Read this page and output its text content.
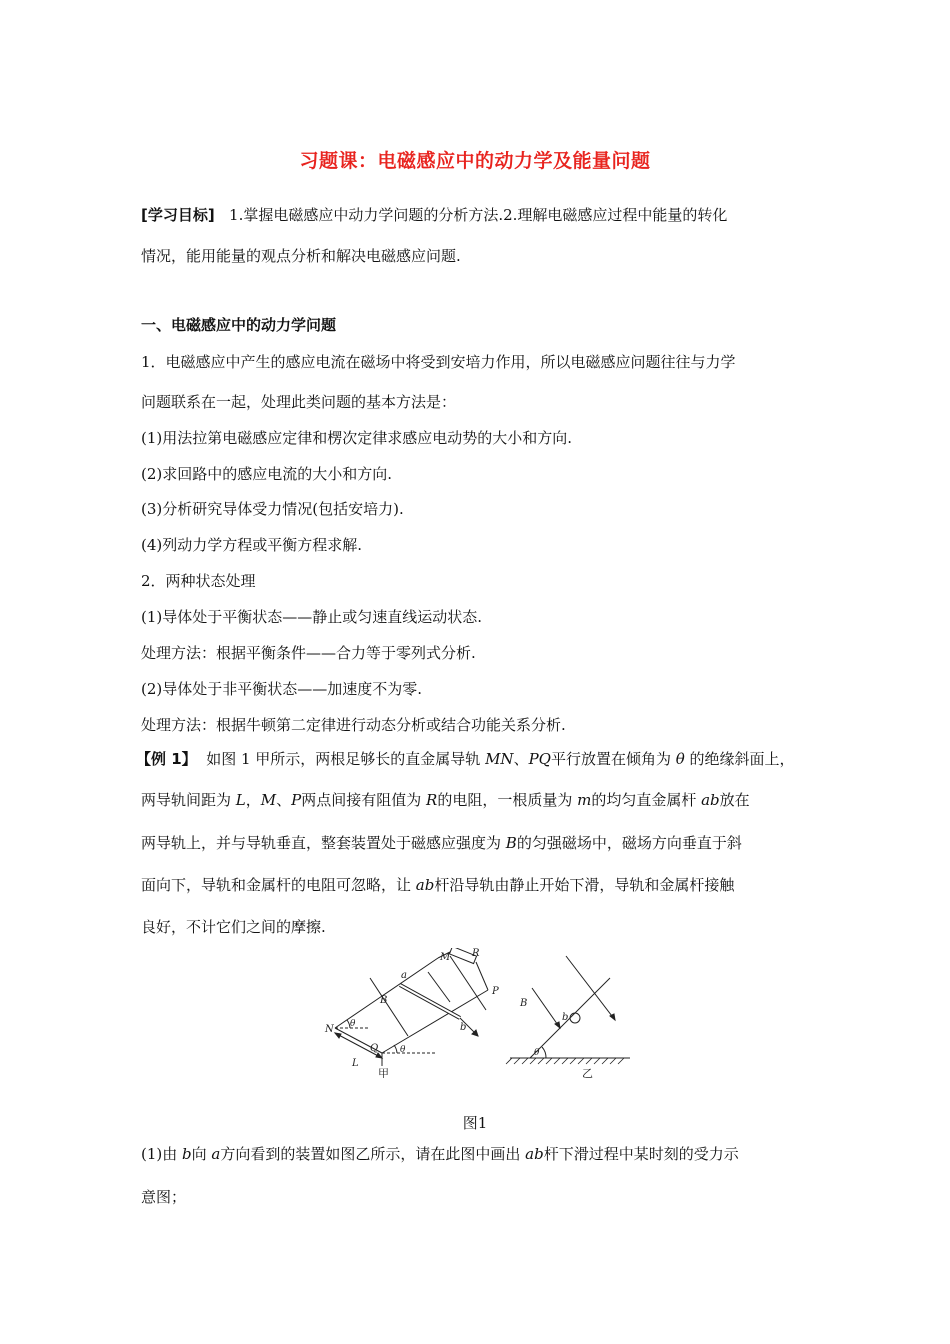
习题课：电磁感应中的动力学及能量问题
[学习目标] 1.掌握电磁感应中动力学问题的分析方法.2.理解电磁感应过程中能量的转化
情况，能用能量的观点分析和解决电磁感应问题.
一、电磁感应中的动力学问题
1．电磁感应中产生的感应电流在磁场中将受到安培力作用，所以电磁感应问题往往与力学
问题联系在一起，处理此类问题的基本方法是：
(1)用法拉第电磁感应定律和楞次定律求感应电动势的大小和方向.
(2)求回路中的感应电流的大小和方向.
(3)分析研究导体受力情况(包括安培力).
(4)列动力学方程或平衡方程求解.
2．两种状态处理
(1)导体处于平衡状态——静止或匀速直线运动状态.
处理方法：根据平衡条件——合力等于零列式分析.
(2)导体处于非平衡状态——加速度不为零.
处理方法：根据牛顿第二定律进行动态分析或结合功能关系分析.
【例 1】 如图 1 甲所示，两根足够长的直金属导轨 MN、PQ平行放置在倾角为 θ 的绝缘斜面上，
两导轨间距为 L，M、P两点间接有阻值为 R的电阻，一根质量为 m的均匀直金属杆 ab放在
两导轨上，并与导轨垂直，整套装置处于磁感应强度为 B的匀强磁场中，磁场方向垂直于斜
面向下，导轨和金属杆的电阻可忽略，让 ab杆沿导轨由静止开始下滑，导轨和金属杆接触
良好，不计它们之间的摩擦.
M R
P
a
b
B
N
Q
L
θ
θ
B
b
θ
甲	乙
图1
(1)由 b向 a方向看到的装置如图乙所示，请在此图中画出 ab杆下滑过程中某时刻的受力示
意图；
